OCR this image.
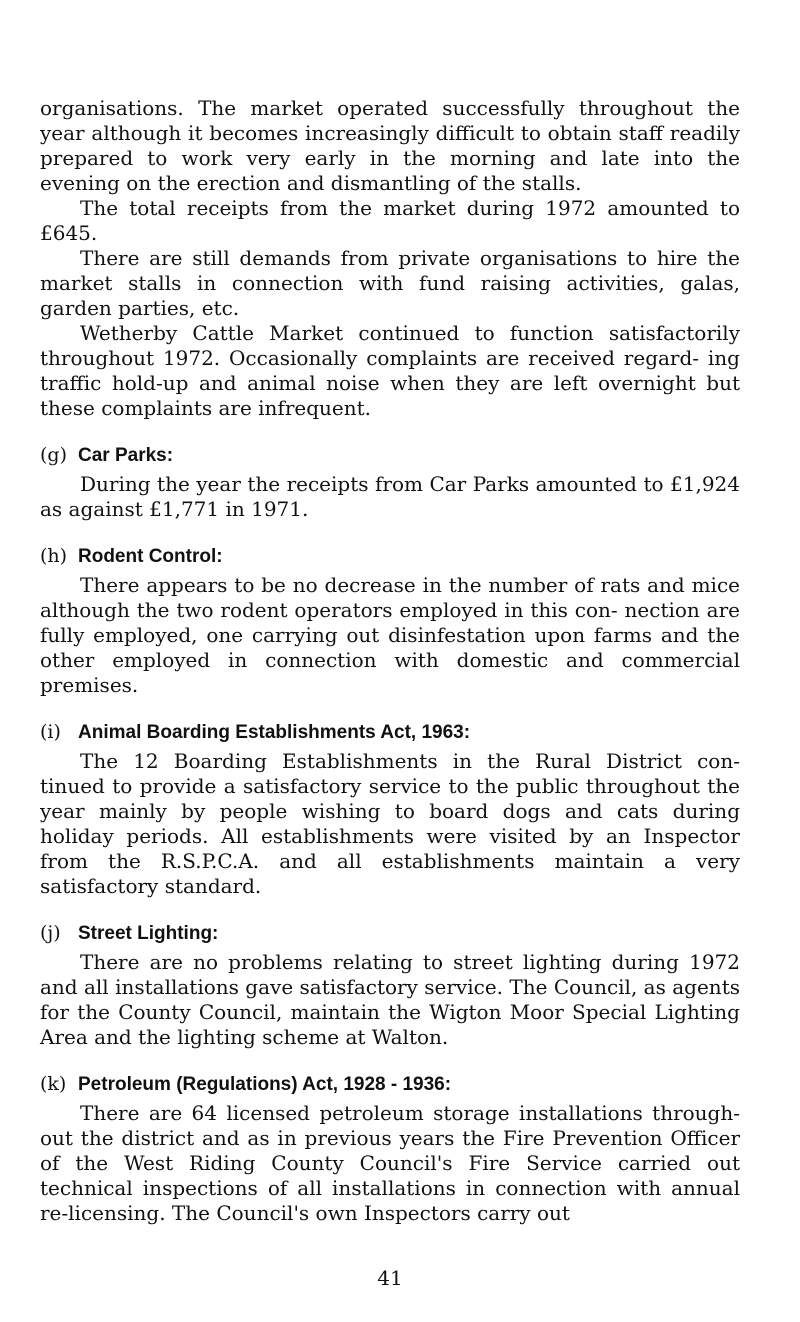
organisations. The market operated successfully throughout the year although it becomes increasingly difficult to obtain staff readily prepared to work very early in the morning and late into the evening on the erection and dismantling of the stalls.

The total receipts from the market during 1972 amounted to £645.

There are still demands from private organisations to hire the market stalls in connection with fund raising activities, galas, garden parties, etc.

Wetherby Cattle Market continued to function satisfactorily throughout 1972. Occasionally complaints are received regard- ing traffic hold-up and animal noise when they are left overnight but these complaints are infrequent.

(g) Car Parks:

During the year the receipts from Car Parks amounted to £1,924 as against £1,771 in 1971.

(h) Rodent Control:

There appears to be no decrease in the number of rats and mice although the two rodent operators employed in this con- nection are fully employed, one carrying out disinfestation upon farms and the other employed in connection with domestic and commercial premises.

(i) Animal Boarding Establishments Act, 1963:

The 12 Boarding Establishments in the Rural District con- tinued to provide a satisfactory service to the public throughout the year mainly by people wishing to board dogs and cats during holiday periods. All establishments were visited by an Inspector from the R.S.P.C.A. and all establishments maintain a very satisfactory standard.

(j) Street Lighting:

There are no problems relating to street lighting during 1972 and all installations gave satisfactory service. The Council, as agents for the County Council, maintain the Wigton Moor Special Lighting Area and the lighting scheme at Walton.

(k) Petroleum (Regulations) Act, 1928 - 1936:

There are 64 licensed petroleum storage installations through- out the district and as in previous years the Fire Prevention Officer of the West Riding County Council's Fire Service carried out technical inspections of all installations in connection with annual re-licensing. The Council's own Inspectors carry out

41
